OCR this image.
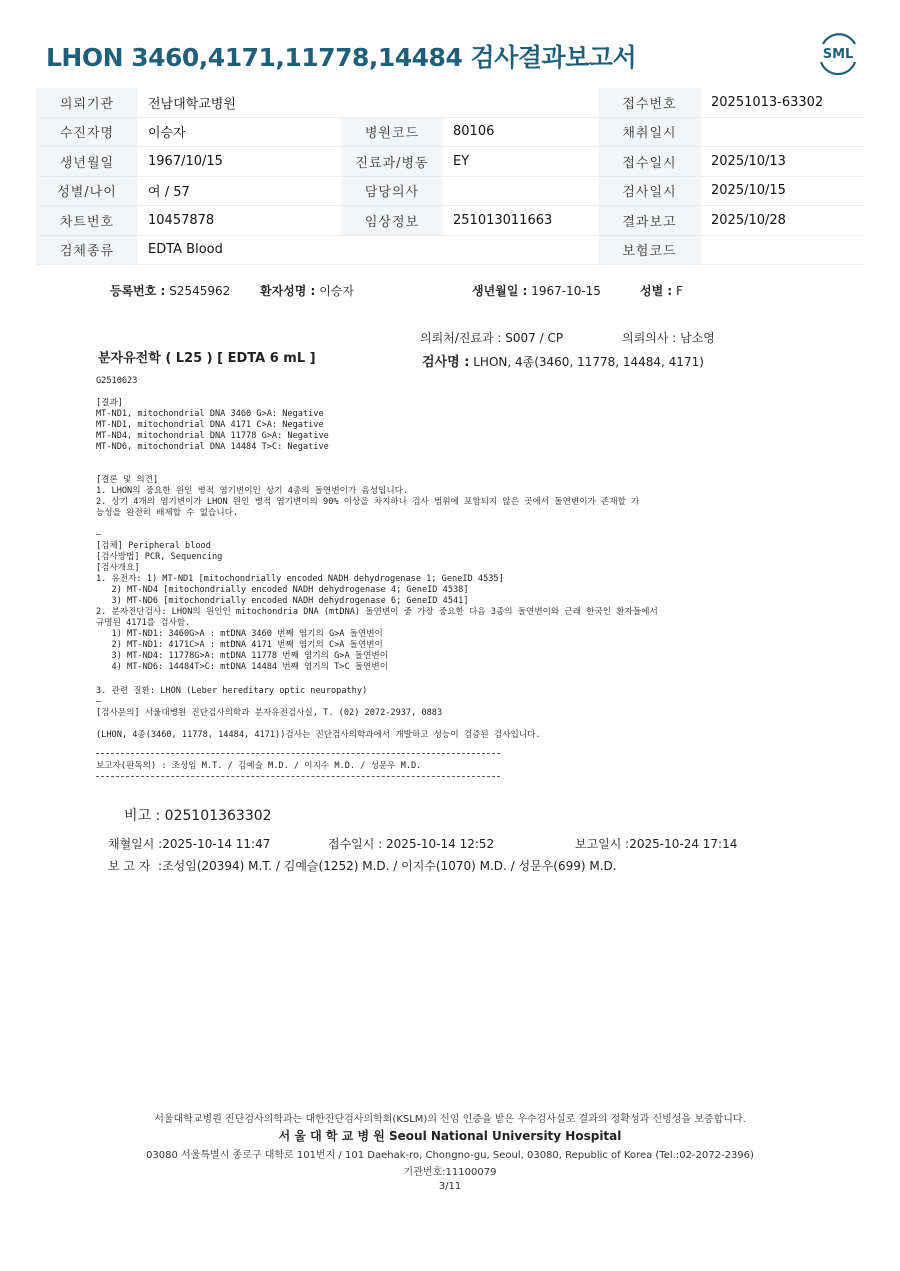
LHON 3460,4171,11778,14484 검사결과보고서	SML
의뢰기관	전남대학교병원			접수번호	20251013-63302
수진자명	이승자	병원코드	80106	채취일시	
생년월일	1967/10/15	진료과/병동	EY	접수일시	2025/10/13
성별/나이	여 / 57	담당의사		검사일시	2025/10/15
차트번호	10457878	임상정보	251013011663	결과보고	2025/10/28
검체종류	EDTA Blood			보험코드	
등록번호 : S2545962 환자성명 : 이승자	생년월일 : 1967-10-15	성별 : F
의뢰처/진료과 : S007 / CP	의뢰의사 : 남소영
분자유전학 ( L25 ) [ EDTA 6 mL ]	검사명 : LHON, 4종(3460, 11778, 14484, 4171)
G2510623
[결과]
MT-ND1, mitochondrial DNA 3460 G>A: Negative
MT-ND1, mitochondrial DNA 4171 C>A: Negative
MT-ND4, mitochondrial DNA 11778 G>A: Negative
MT-ND6, mitochondrial DNA 14484 T>C: Negative
[결론 및 의견]
1. LHON의 중요한 원인 병적 염기변이인 상기 4종의 돌연변이가 음성입니다.
2. 상기 4개의 염기변이가 LHON 원인 병적 염기변이의 90% 이상을 차지하나 검사 범위에 포함되지 않은 곳에서 돌연변이가 존재할 가
능성을 완전히 배제할 수 없습니다.
—
[검체] Peripheral blood
[검사방법] PCR, Sequencing
[검사개요]
1. 유전자: 1) MT-ND1 [mitochondrially encoded NADH dehydrogenase 1; GeneID 4535]
2) MT-ND4 [mitochondrially encoded NADH dehydrogenase 4; GeneID 4538]
3) MT-ND6 [mitochondrially encoded NADH dehydrogenase 6; GeneID 4541]
2. 분자진단검사: LHON의 원인인 mitochondria DNA (mtDNA) 돌연변이 중 가장 중요한 다음 3종의 돌연변이와 근래 한국인 환자들에서
규명된 4171를 검사함.
1) MT-ND1: 3460G>A : mtDNA 3460 번째 염기의 G>A 돌연변이
2) MT-ND1: 4171C>A : mtDNA 4171 번째 염기의 C>A 돌연변이
3) MT-ND4: 11778G>A: mtDNA 11778 번째 염기의 G>A 돌연변이
4) MT-ND6: 14484T>C: mtDNA 14484 번째 염기의 T>C 돌연변이
3. 관련 질환: LHON (Leber hereditary optic neuropathy)
—
[검사문의] 서울대병원 진단검사의학과 분자유전검사실, T. (02) 2072-2937, 0883
(LHON, 4종(3460, 11778, 14484, 4171))검사는 진단검사의학과에서 개발하고 성능이 검증된 검사입니다.
보고자(판독의) : 조성임 M.T. / 김예슬 M.D. / 이지수 M.D. / 성문우 M.D.
비고 : 025101363302
채혈일시 :2025-10-14 11:47	접수일시 : 2025-10-14 12:52	보고일시 :2025-10-24 17:14
보 고 자 :조성임(20394) M.T. / 김예슬(1252) M.D. / 이지수(1070) M.D. / 성문우(699) M.D.
서울대학교병원 진단검사의학과는 대한진단검사의학회(KSLM)의 신임 인증을 받은 우수검사실로 결과의 정확성과 신빙성을 보증합니다.
서 울 대 학 교 병 원 Seoul National University Hospital
03080 서울특별시 종로구 대학로 101번지 / 101 Daehak-ro, Chongno-gu, Seoul, 03080, Republic of Korea (Tel.:02-2072-2396)
기관번호:11100079
3/11
